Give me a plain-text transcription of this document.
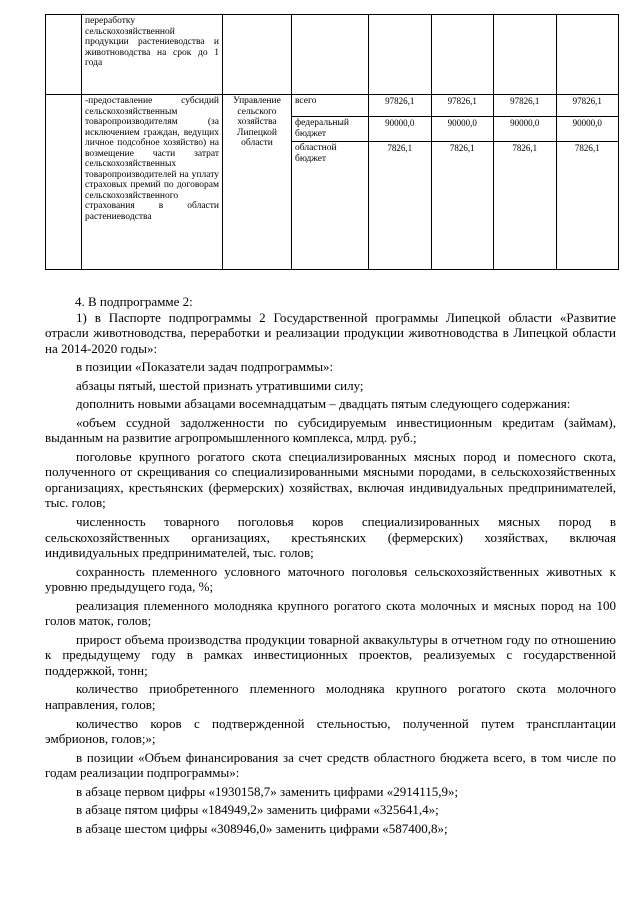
	переработку сельскохозяйственной продукции растениеводства и животноводства на срок до 1 года						
	-предоставление субсидий сельскохозяйственным товаропроизводителям (за исключением граждан, ведущих личное подсобное хозяйство) на возмещение части затрат сельскохозяйственных товаропроизводителей на уплату страховых премий по договорам сельскохозяйственного страхования в области растениеводства	Управление сельского хозяйства Липецкой области	всего	97826,1	97826,1	97826,1	97826,1
			федеральный бюджет	90000,0	90000,0	90000,0	90000,0
			областной бюджет	7826,1	7826,1	7826,1	7826,1

4. В подпрограмме 2:

1) в Паспорте подпрограммы 2 Государственной программы Липецкой области «Развитие отрасли животноводства, переработки и реализации продукции животноводства в Липецкой области на 2014-2020 годы»:

в позиции «Показатели задач подпрограммы»:

абзацы пятый, шестой признать утратившими силу;

дополнить новыми абзацами восемнадцатым – двадцать пятым следующего содержания:

«объем ссудной задолженности по субсидируемым инвестиционным кредитам (займам), выданным на развитие агропромышленного комплекса, млрд. руб.;

поголовье крупного рогатого скота специализированных мясных пород и помесного скота, полученного от скрещивания со специализированными мясными породами, в сельскохозяйственных организациях, крестьянских (фермерских) хозяйствах, включая индивидуальных предпринимателей, тыс. голов;

численность товарного поголовья коров специализированных мясных пород в сельскохозяйственных организациях, крестьянских (фермерских) хозяйствах, включая индивидуальных предпринимателей, тыс. голов;

сохранность племенного условного маточного поголовья сельскохозяйственных животных к уровню предыдущего года, %;

реализация племенного молодняка крупного рогатого скота молочных и мясных пород на 100 голов маток, голов;

прирост объема производства продукции товарной аквакультуры в отчетном году по отношению к предыдущему году в рамках инвестиционных проектов, реализуемых с государственной поддержкой, тонн;

количество приобретенного племенного молодняка крупного рогатого скота молочного направления, голов;

количество коров с подтвержденной стельностью, полученной путем трансплантации эмбрионов, голов;»;

в позиции «Объем финансирования за счет средств областного бюджета всего, в том числе по годам реализации подпрограммы»:

в абзаце первом цифры «1930158,7» заменить цифрами «2914115,9»;

в абзаце пятом цифры «184949,2» заменить цифрами «325641,4»;

в абзаце шестом цифры «308946,0» заменить цифрами «587400,8»;
